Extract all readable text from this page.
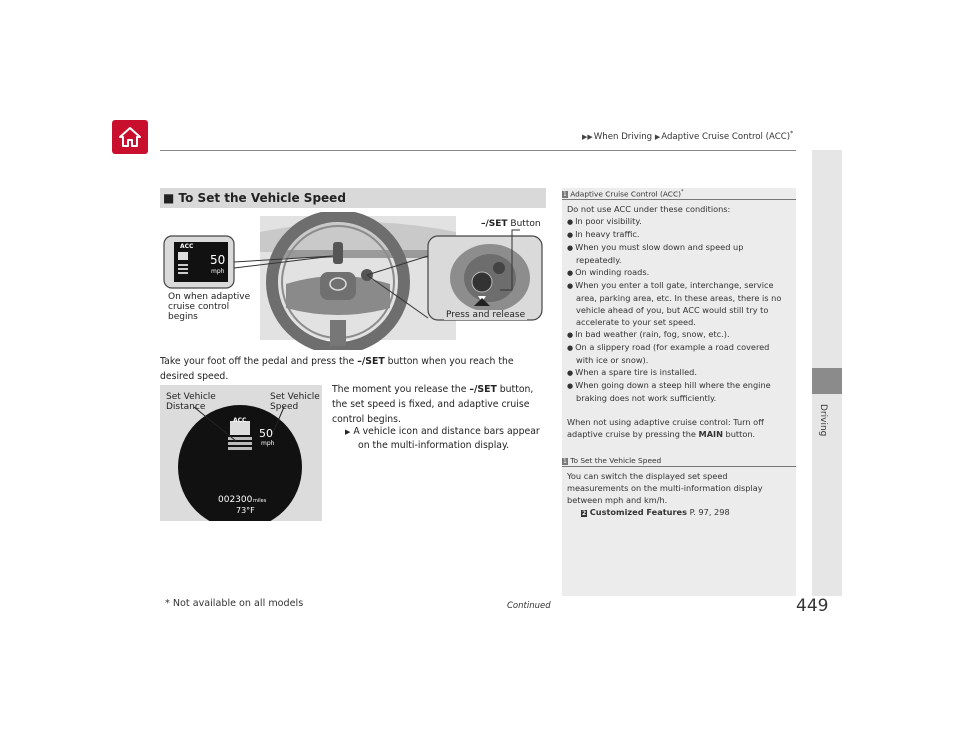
▶▶When Driving ▶Adaptive Cruise Control (ACC)*
Driving
■ To Set the Vehicle Speed
ACC
50
mph
On when adaptive
cruise control
begins
–/SET Button
Press and release
Take your foot off the pedal and press the –/SET button when you reach the desired speed.
Set Vehicle
Distance
Set Vehicle
Speed
ACC
50
mph
002300 miles
73°F
The moment you release the –/SET button, the set speed is fixed, and adaptive cruise control begins.
▶ A vehicle icon and distance bars appear
on the multi-information display.
1 Adaptive Cruise Control (ACC)*
Do not use ACC under these conditions:
● In poor visibility.
● In heavy traffic.
● When you must slow down and speed up repeatedly.
● On winding roads.
● When you enter a toll gate, interchange, service area, parking area, etc. In these areas, there is no vehicle ahead of you, but ACC would still try to accelerate to your set speed.
● In bad weather (rain, fog, snow, etc.).
● On a slippery road (for example a road covered with ice or snow).
● When a spare tire is installed.
● When going down a steep hill where the engine braking does not work sufficiently.
When not using adaptive cruise control: Turn off adaptive cruise by pressing the MAIN button.
1 To Set the Vehicle Speed
You can switch the displayed set speed measurements on the multi-information display between mph and km/h.
2 Customized Features P. 97, 298
* Not available on all models	Continued	449
